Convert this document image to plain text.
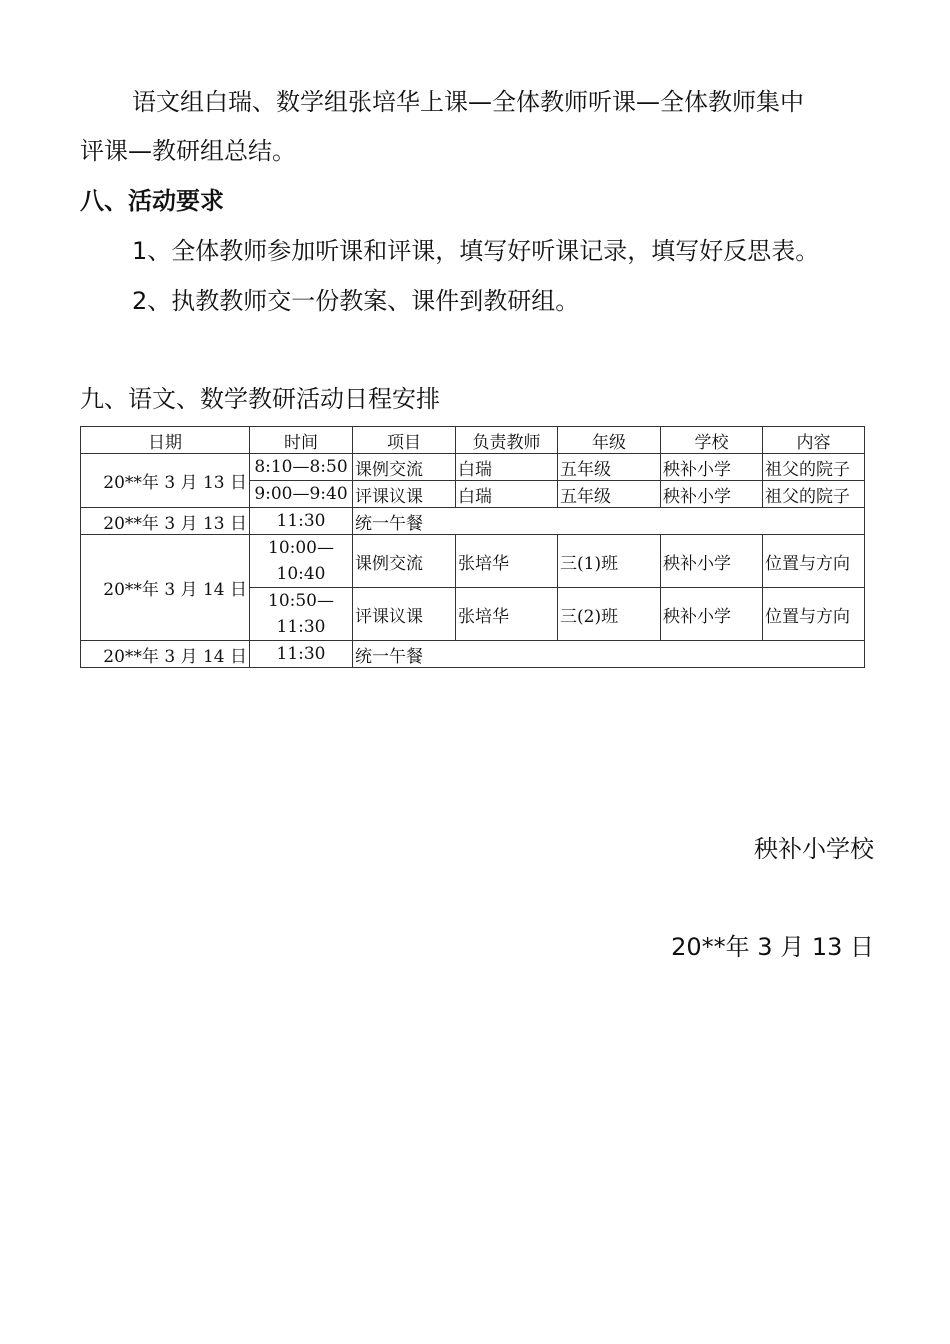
语文组白瑞、数学组张培华上课—全体教师听课—全体教师集中
评课—教研组总结。
八、活动要求
1、全体教师参加听课和评课，填写好听课记录，填写好反思表。
2、执教教师交一份教案、课件到教研组。
九、语文、数学教研活动日程安排
日期	时间	项目	负责教师	年级	学校	内容
20**年 3 月 13 日	8:10—8:50	课例交流	白瑞	五年级	秧补小学	祖父的院子
	9:00—9:40	评课议课	白瑞	五年级	秧补小学	祖父的院子
20**年 3 月 13 日	11:30	统一午餐				
20**年 3 月 14 日	10:00—
10:40	课例交流	张培华	三(1)班	秧补小学	位置与方向

	10:50—
11:30	评课议课	张培华	三(2)班	秧补小学	位置与方向
20**年 3 月 14 日	11:30	统一午餐				
秧补小学校
20**年 3 月 13 日
